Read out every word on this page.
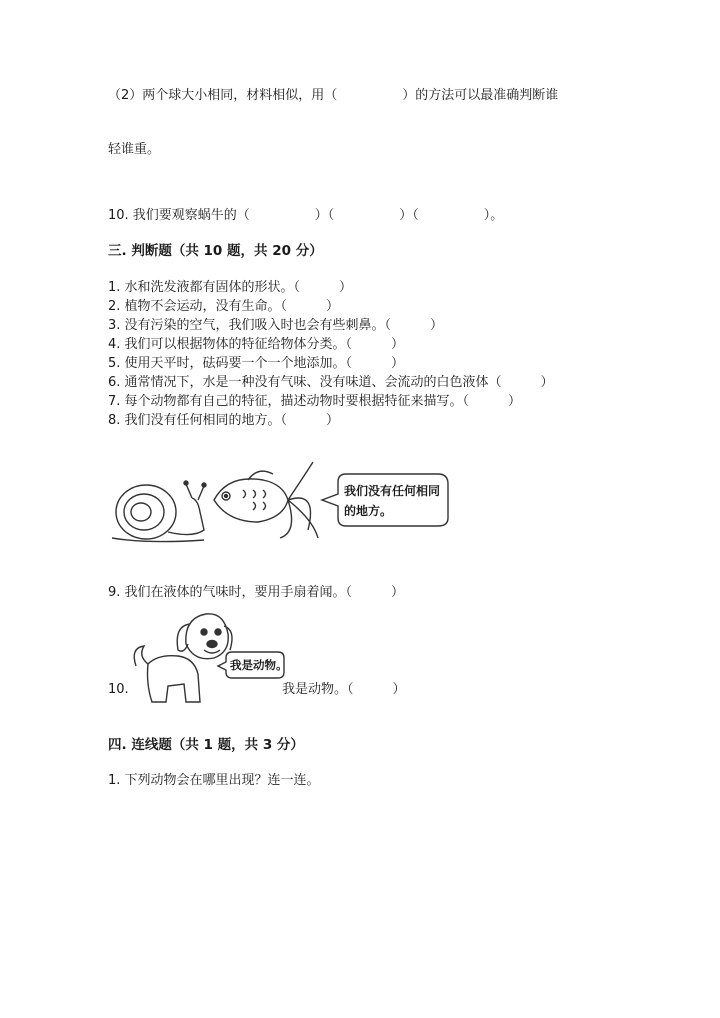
（2）两个球大小相同，材料相似，用（　　　　　）的方法可以最准确判断谁
轻谁重。
10. 我们要观察蜗牛的（　　　　　）（　　　　　）（　　　　　）。
三. 判断题（共 10 题，共 20 分）
1. 水和洗发液都有固体的形状。（　　　）
2. 植物不会运动，没有生命。（　　　）
3. 没有污染的空气，我们吸入时也会有些刺鼻。（　　　）
4. 我们可以根据物体的特征给物体分类。（　　　）
5. 使用天平时，砝码要一个一个地添加。（　　　）
6. 通常情况下，水是一种没有气味、没有味道、会流动的白色液体（　　　）
7. 每个动物都有自己的特征，描述动物时要根据特征来描写。（　　　）
8. 我们没有任何相同的地方。（　　　）
我们没有任何相同
的地方。
9. 我们在液体的气味时，要用手扇着闻。（　　　）
我是动物。
10.	我是动物。（　　　）
四. 连线题（共 1 题，共 3 分）
1. 下列动物会在哪里出现？连一连。
